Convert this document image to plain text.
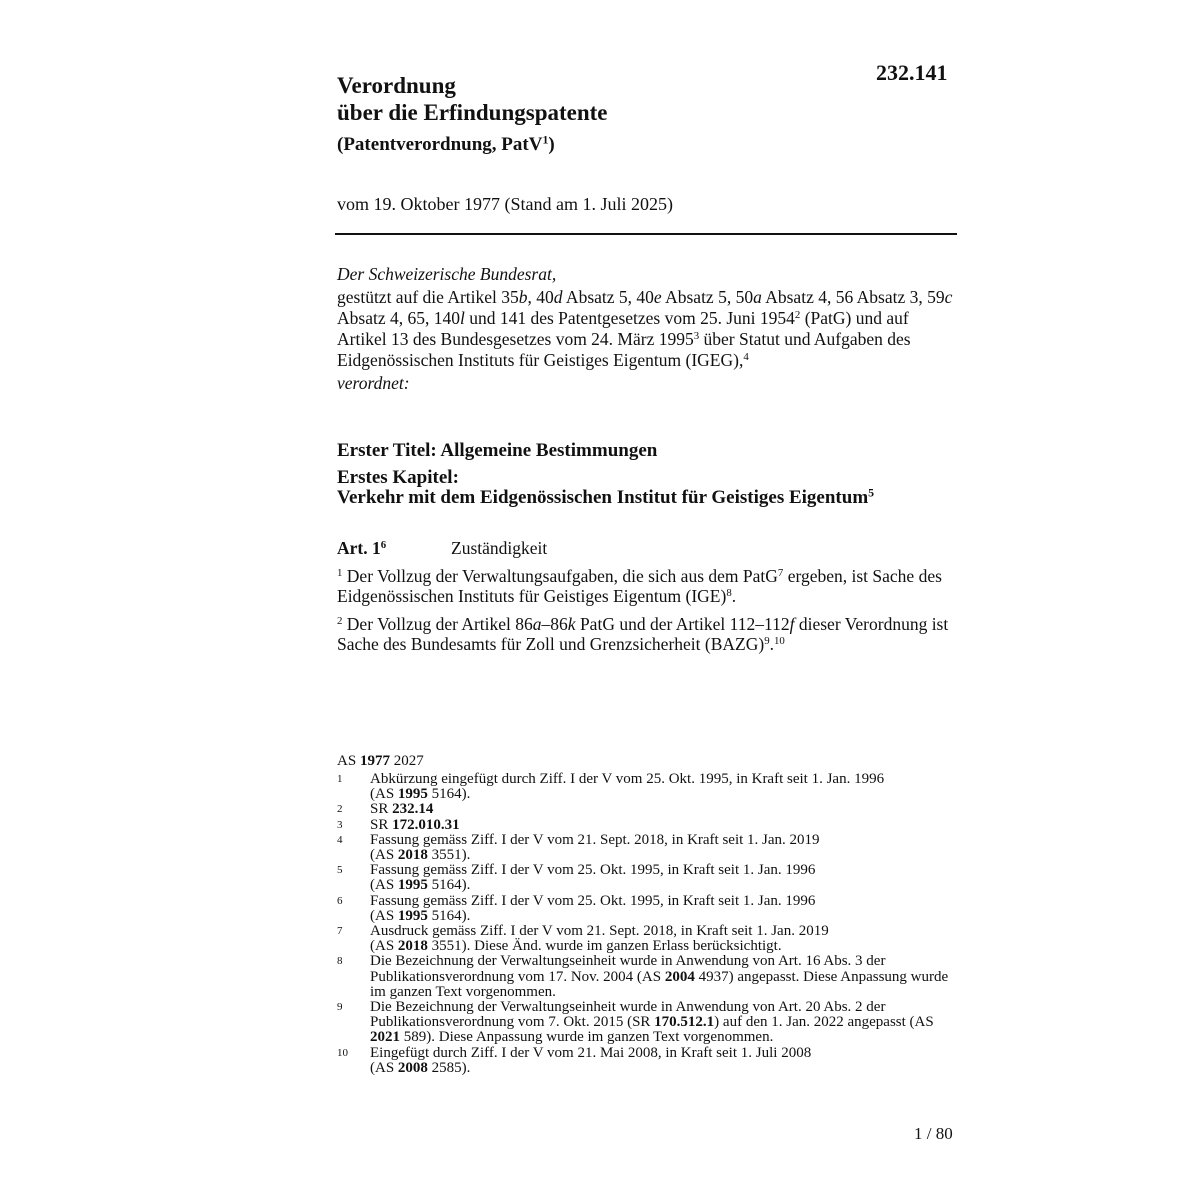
232.141
Verordnung
über die Erfindungspatente
(Patentverordnung, PatV$^1$)
vom 19. Oktober 1977 (Stand am 1. Juli 2025)
Der Schweizerische Bundesrat,
gestützt auf die Artikel 35b, 40d Absatz 5, 40e Absatz 5, 50a Absatz 4, 56 Absatz 3, 59c Absatz 4, 65, 140l und 141 des Patentgesetzes vom 25. Juni 1954$^2$ (PatG) und auf Artikel 13 des Bundesgesetzes vom 24. März 1995$^3$ über Statut und Aufgaben des Eidgenössischen Instituts für Geistiges Eigentum (IGEG),$^4$
verordnet:
Erster Titel: Allgemeine Bestimmungen
Erstes Kapitel:
Verkehr mit dem Eidgenössischen Institut für Geistiges Eigentum$^5$
Art. $1^6$	Zuständigkeit
$^1$ Der Vollzug der Verwaltungsaufgaben, die sich aus dem PatG$^7$ ergeben, ist Sache des Eidgenössischen Instituts für Geistiges Eigentum (IGE)$^8$.
$^2$ Der Vollzug der Artikel 86a–86k PatG und der Artikel 112–112f dieser Verordnung ist Sache des Bundesamts für Zoll und Grenzsicherheit (BAZG)$^9$.$^{10}$
AS 1977 2027
1 Abkürzung eingefügt durch Ziff. I der V vom 25. Okt. 1995, in Kraft seit 1. Jan. 1996
(AS 1995 5164).
2 SR 232.14
3 SR 172.010.31
4 Fassung gemäss Ziff. I der V vom 21. Sept. 2018, in Kraft seit 1. Jan. 2019
(AS 2018 3551).
5 Fassung gemäss Ziff. I der V vom 25. Okt. 1995, in Kraft seit 1. Jan. 1996
(AS 1995 5164).
6 Fassung gemäss Ziff. I der V vom 25. Okt. 1995, in Kraft seit 1. Jan. 1996
(AS 1995 5164).
7 Ausdruck gemäss Ziff. I der V vom 21. Sept. 2018, in Kraft seit 1. Jan. 2019
(AS 2018 3551). Diese Änd. wurde im ganzen Erlass berücksichtigt.
8 Die Bezeichnung der Verwaltungseinheit wurde in Anwendung von Art. 16 Abs. 3 der Publikationsverordnung vom 17. Nov. 2004 (AS 2004 4937) angepasst. Diese Anpassung wurde im ganzen Text vorgenommen.
9 Die Bezeichnung der Verwaltungseinheit wurde in Anwendung von Art. 20 Abs. 2 der Publikationsverordnung vom 7. Okt. 2015 (SR 170.512.1) auf den 1. Jan. 2022 angepasst (AS 2021 589). Diese Anpassung wurde im ganzen Text vorgenommen.
10 Eingefügt durch Ziff. I der V vom 21. Mai 2008, in Kraft seit 1. Juli 2008
(AS 2008 2585).
1 / 80
